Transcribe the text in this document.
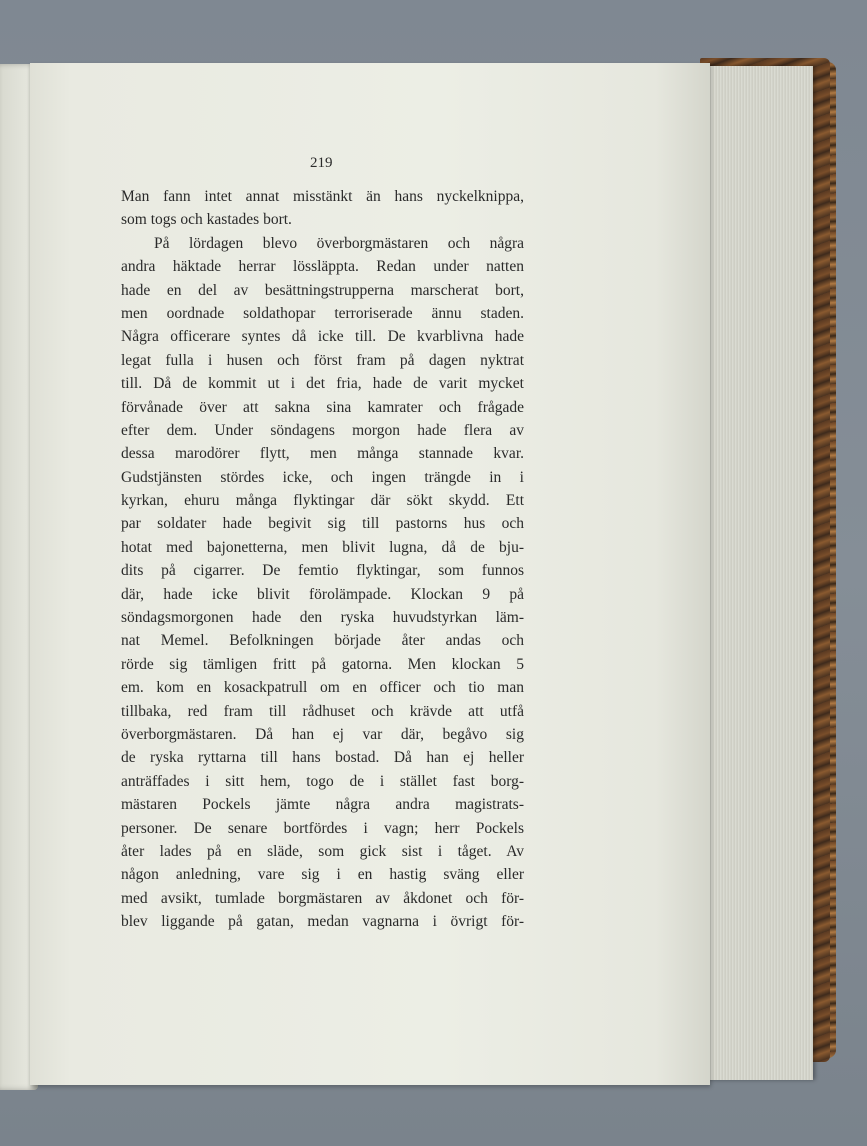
219
Man fann intet annat misstänkt än hans nyckelknippa,
som togs och kastades bort.
På lördagen blevo överborgmästaren och några
andra häktade herrar lössläppta. Redan under natten
hade en del av besättningstrupperna marscherat bort,
men oordnade soldathopar terroriserade ännu staden.
Några officerare syntes då icke till. De kvarblivna hade
legat fulla i husen och först fram på dagen nyktrat
till. Då de kommit ut i det fria, hade de varit mycket
förvånade över att sakna sina kamrater och frågade
efter dem. Under söndagens morgon hade flera av
dessa marodörer flytt, men många stannade kvar.
Gudstjänsten stördes icke, och ingen trängde in i
kyrkan, ehuru många flyktingar där sökt skydd. Ett
par soldater hade begivit sig till pastorns hus och
hotat med bajonetterna, men blivit lugna, då de bju-
dits på cigarrer. De femtio flyktingar, som funnos
där, hade icke blivit förolämpade. Klockan 9 på
söndagsmorgonen hade den ryska huvudstyrkan läm-
nat Memel. Befolkningen började åter andas och
rörde sig tämligen fritt på gatorna. Men klockan 5
em. kom en kosackpatrull om en officer och tio man
tillbaka, red fram till rådhuset och krävde att utfå
överborgmästaren. Då han ej var där, begåvo sig
de ryska ryttarna till hans bostad. Då han ej heller
anträffades i sitt hem, togo de i stället fast borg-
mästaren Pockels jämte några andra magistrats-
personer. De senare bortfördes i vagn; herr Pockels
åter lades på en släde, som gick sist i tåget. Av
någon anledning, vare sig i en hastig sväng eller
med avsikt, tumlade borgmästaren av åkdonet och för-
blev liggande på gatan, medan vagnarna i övrigt för-
